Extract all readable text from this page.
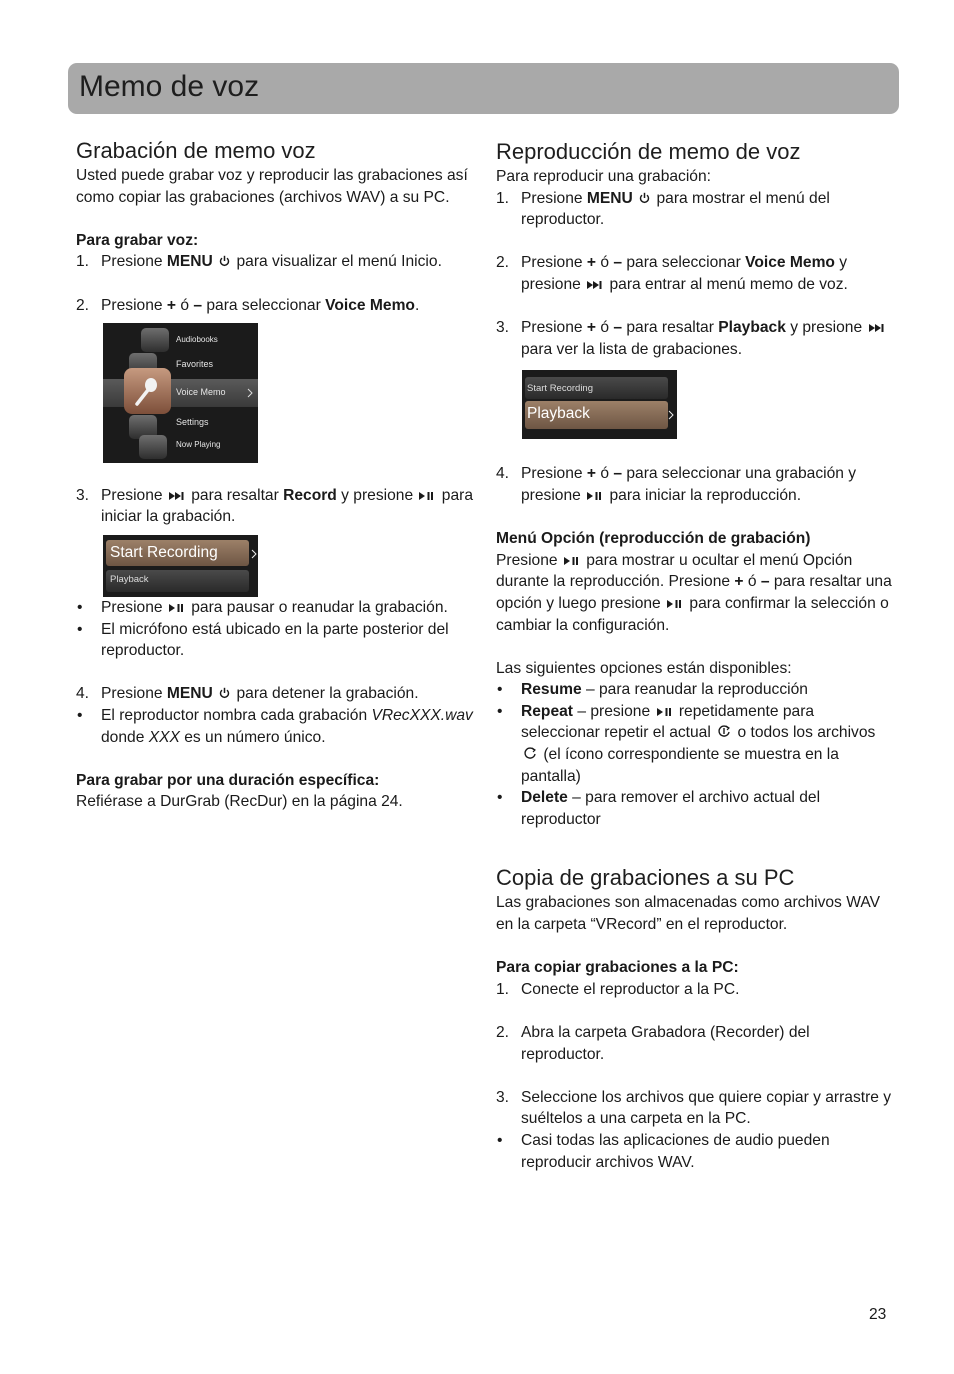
Memo de voz
Grabación de memo voz

Usted puede grabar voz y reproducir las grabaciones así como copiar las grabaciones (archivos WAV) a su PC.

Para grabar voz:

1. Presione MENU  para visualizar el menú Inicio.
2. Presione + ó – para seleccionar Voice Memo.
Audiobooks
Favorites
Voice Memo
Settings
Now Playing
3. Presione  para resaltar Record y presione  para iniciar la grabación.
Start Recording
Playback
• Presione  para pausar o reanudar la grabación.
• El micrófono está ubicado en la parte posterior del reproductor.
4. Presione MENU  para detener la grabación.
• El reproductor nombra cada grabación VRecXXX.wav donde XXX es un número único.

Para grabar por una duración específica:

Refiérase a DurGrab (RecDur) en la página 24.

Reproducción de memo de voz

Para reproducir una grabación:

1. Presione MENU  para mostrar el menú del reproductor.
2. Presione + ó – para seleccionar Voice Memo y presione  para entrar al menú memo de voz.
3. Presione + ó – para resaltar Playback y presione  para ver la lista de grabaciones.
Start Recording
Playback
4. Presione + ó – para seleccionar una grabación y presione  para iniciar la reproducción.

Menú Opción (reproducción de grabación)

Presione  para mostrar u ocultar el menú Opción durante la reproducción. Presione + ó – para resaltar una opción y luego presione  para confirmar la selección o cambiar la configuración.

Las siguientes opciones están disponibles:

• Resume – para reanudar la reproducción
• Repeat – presione  repetidamente para seleccionar repetir el actual  o todos los archivos  (el ícono correspondiente se muestra en la pantalla)
• Delete – para remover el archivo actual del reproductor
Copia de grabaciones a su PC

Las grabaciones son almacenadas como archivos WAV en la carpeta “VRecord” en el reproductor.

Para copiar grabaciones a la PC:

1. Conecte el reproductor a la PC.
2. Abra la carpeta Grabadora (Recorder) del reproductor.
3. Seleccione los archivos que quiere copiar y arrastre y suéltelos a una carpeta en la PC.
• Casi todas las aplicaciones de audio pueden reproducir archivos WAV.
23
